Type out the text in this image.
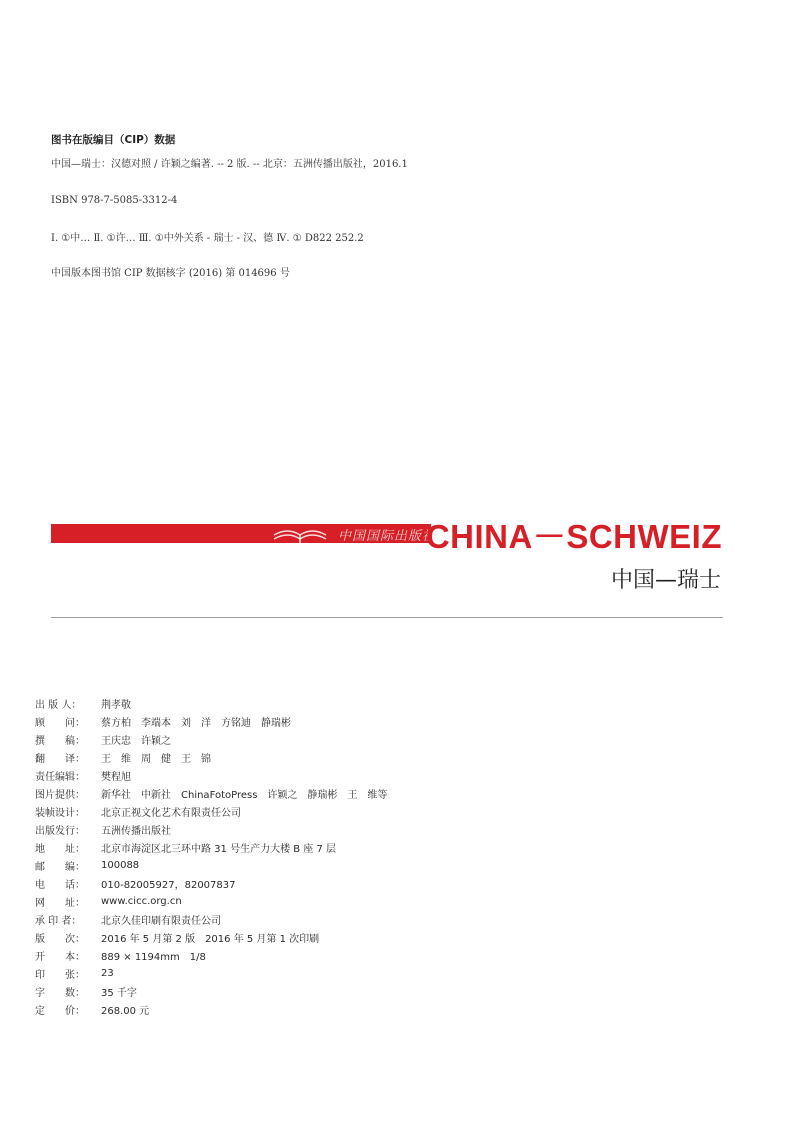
图书在版编目（CIP）数据
中国—瑞士：汉德对照 / 许颖之编著. -- 2 版. -- 北京：五洲传播出版社，2016.1
ISBN 978-7-5085-3312-4
Ⅰ. ①中… Ⅱ. ①许… Ⅲ. ①中外关系 - 瑞士 - 汉、德 Ⅳ. ① D822 252.2
中国版本图书馆 CIP 数据核字 (2016) 第 014696 号
中国国际出版社
CHINA－SCHWEIZ
中国—瑞士
出 版 人：	荆孝敬
顾　　问：	蔡方柏　李端本　刘　洋　方铭迪　静瑞彬
撰　　稿：	王庆忠　许颖之
翻　　译：	王　维　周　健　王　锦
责任编辑：	樊程旭
图片提供：	新华社　中新社　ChinaFotoPress　许颖之　静瑞彬　王　维等
装帧设计：	北京正视文化艺术有限责任公司
出版发行：	五洲传播出版社
地　　址：	北京市海淀区北三环中路 31 号生产力大楼 B 座 7 层
邮　　编：	100088
电　　话：	010-82005927，82007837
网　　址：	www.cicc.org.cn
承 印 者：	北京久佳印刷有限责任公司
版　　次：	2016 年 5 月第 2 版　2016 年 5 月第 1 次印刷
开　　本：	889 × 1194mm　1/8
印　　张：	23
字　　数：	35 千字
定　　价：	268.00 元
